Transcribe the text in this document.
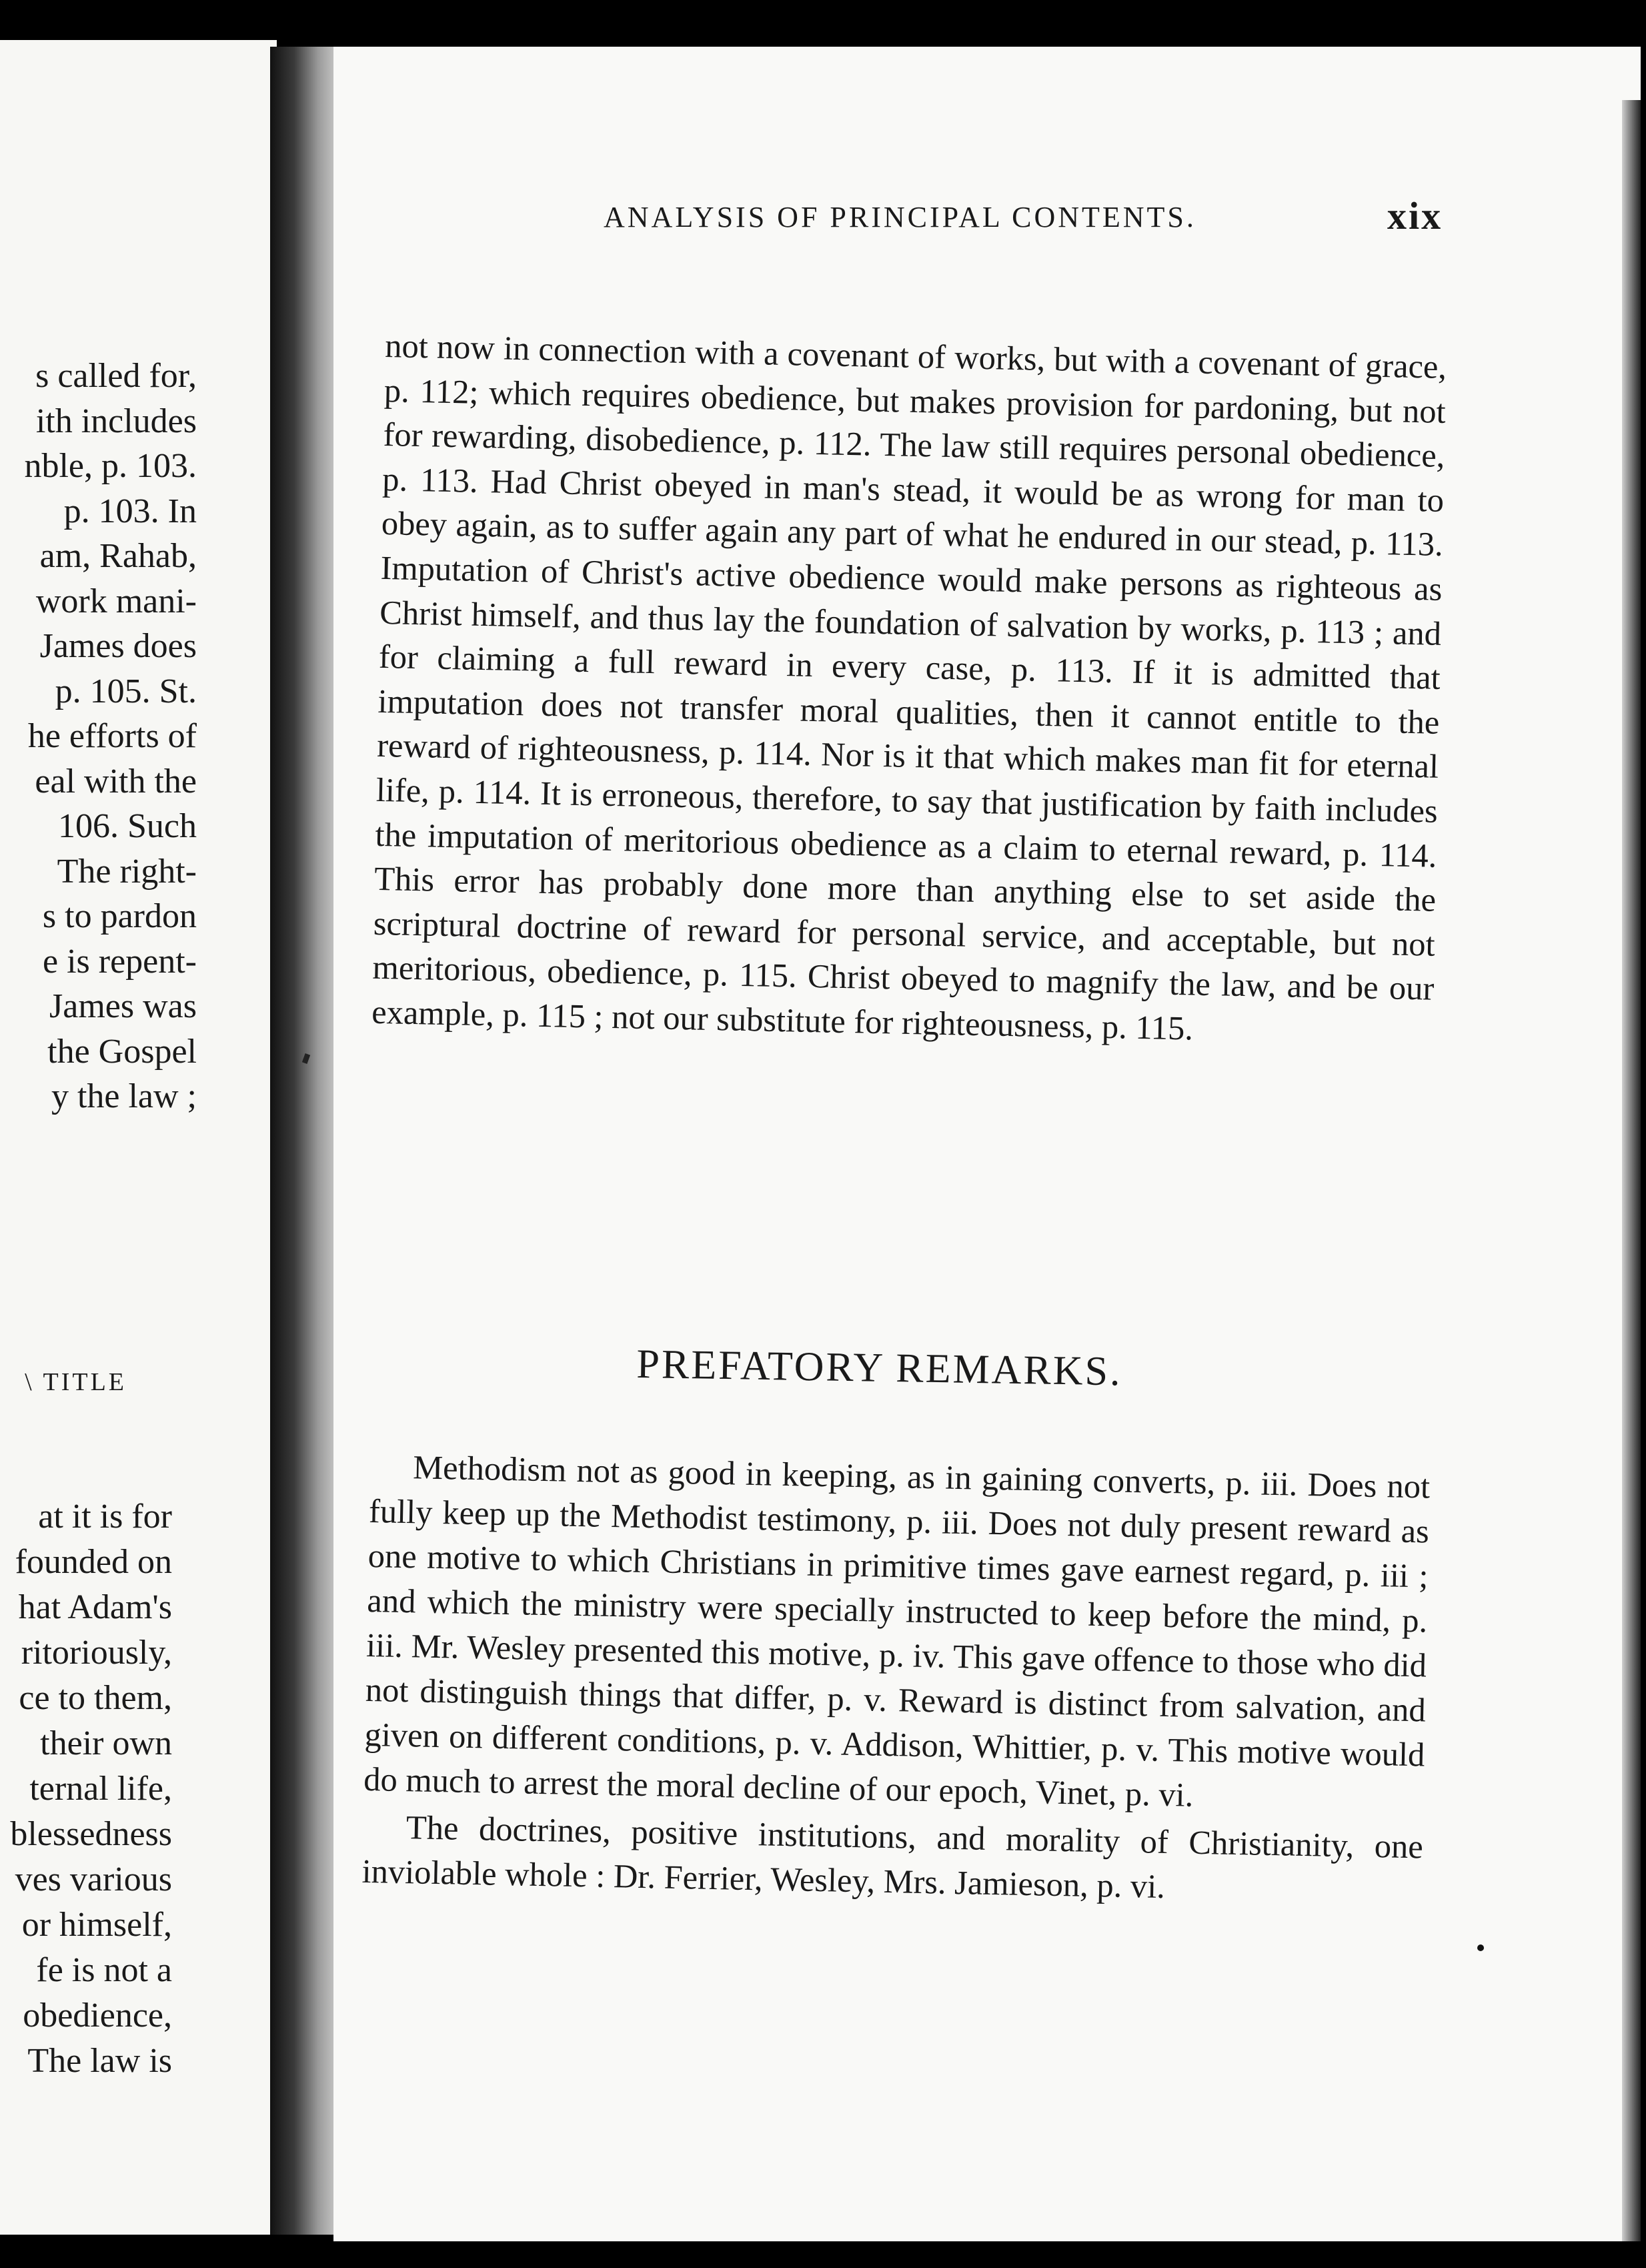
s called for,
ith includes
nble, p. 103.
p. 103. In
am, Rahab,
work mani-
James does
p. 105. St.
he efforts of
eal with the
106. Such
The right-
s to pardon
e is repent-
James was
the Gospel
y the law ;
\ TITLE
at it is for
founded on
hat Adam's
ritoriously,
ce to them,
their own
ternal life,
blessedness
ves various
or himself,
fe is not a
obedience,
The law is
ANALYSIS OF PRINCIPAL CONTENTS.	xix

not now in connection with a covenant of works, but with a covenant of grace, p. 112; which requires obedience, but makes provision for pardoning, but not for rewarding, disobedience, p. 112. The law still requires personal obedience, p. 113. Had Christ obeyed in man's stead, it would be as wrong for man to obey again, as to suffer again any part of what he endured in our stead, p. 113. Imputation of Christ's active obedience would make persons as righteous as Christ himself, and thus lay the foundation of salvation by works, p. 113 ; and for claiming a full reward in every case, p. 113. If it is admitted that imputation does not transfer moral qualities, then it cannot entitle to the reward of righteousness, p. 114. Nor is it that which makes man fit for eternal life, p. 114. It is erroneous, therefore, to say that justification by faith includes the imputation of meritorious obedience as a claim to eternal reward, p. 114. This error has probably done more than anything else to set aside the scriptural doctrine of reward for personal service, and acceptable, but not meritorious, obedience, p. 115. Christ obeyed to magnify the law, and be our example, p. 115 ; not our substitute for righteousness, p. 115.

PREFATORY REMARKS.

Methodism not as good in keeping, as in gaining converts, p. iii. Does not fully keep up the Methodist testimony, p. iii. Does not duly present reward as one motive to which Christians in primitive times gave earnest regard, p. iii ; and which the ministry were specially instructed to keep before the mind, p. iii. Mr. Wesley presented this motive, p. iv. This gave offence to those who did not distinguish things that differ, p. v. Reward is distinct from salvation, and given on different conditions, p. v. Addison, Whittier, p. v. This motive would do much to arrest the moral decline of our epoch, Vinet, p. vi.

The doctrines, positive institutions, and morality of Christianity, one inviolable whole : Dr. Ferrier, Wesley, Mrs. Jamieson, p. vi.
